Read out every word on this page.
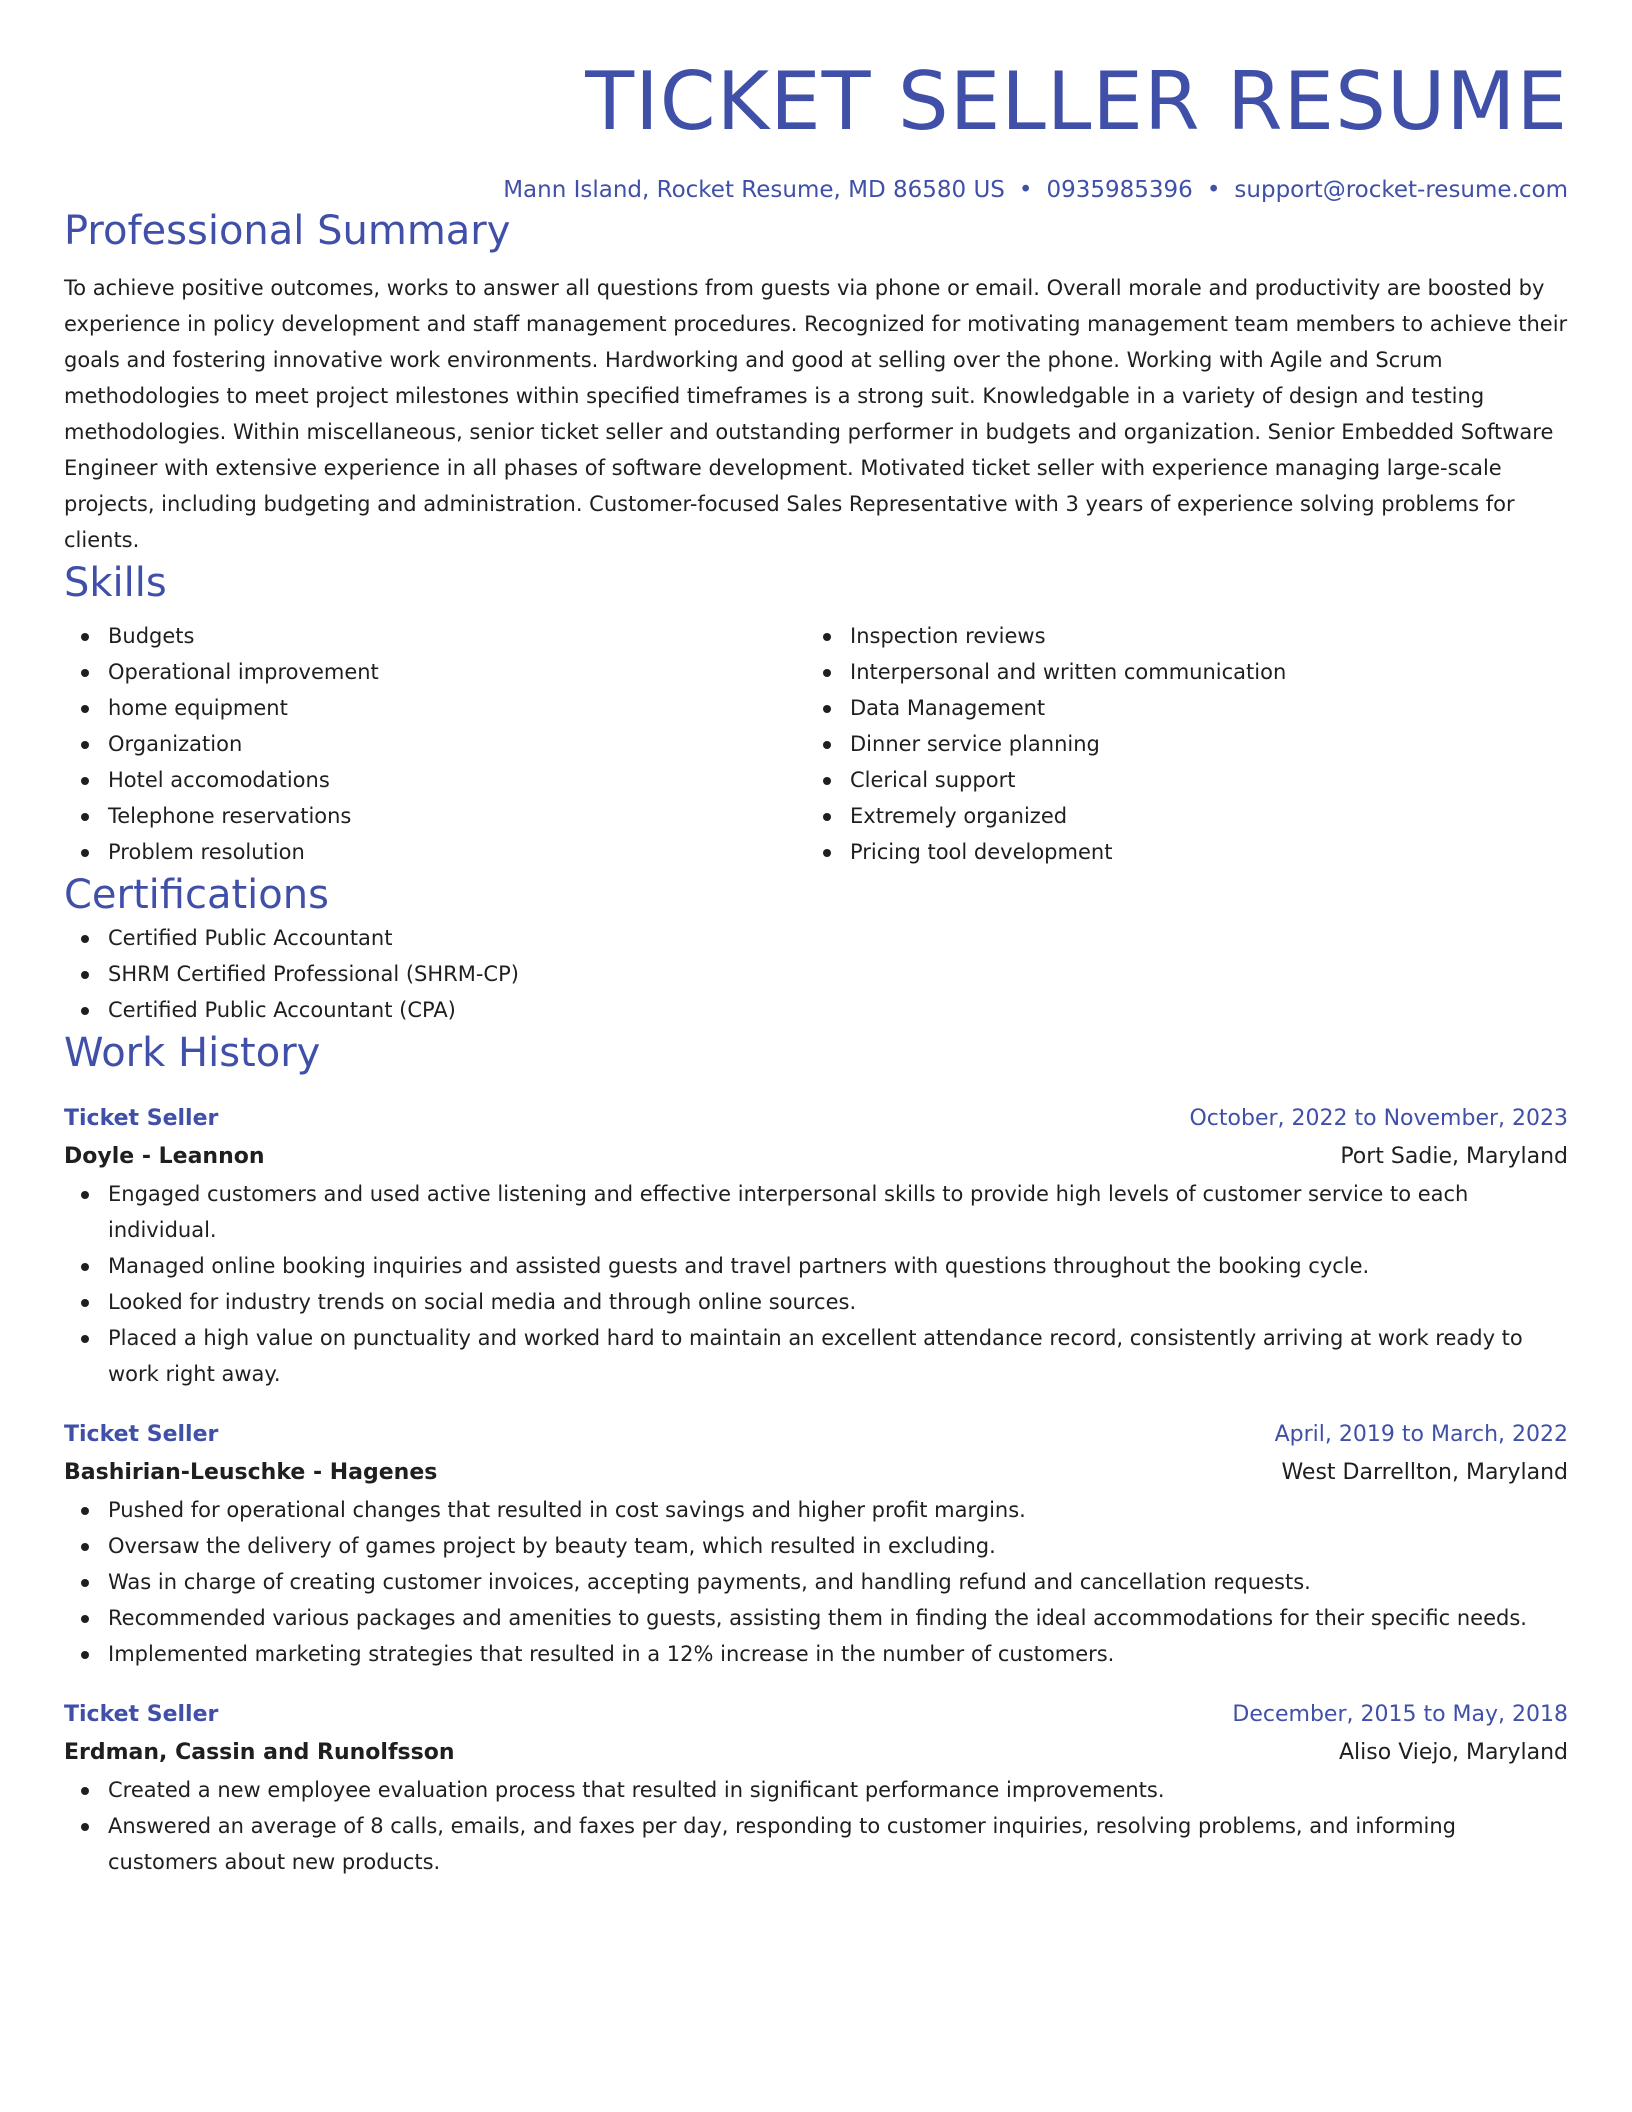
TICKET SELLER RESUME
Mann Island, Rocket Resume, MD 86580 US • 0935985396 • support@rocket-resume.com
Professional Summary

To achieve positive outcomes, works to answer all questions from guests via phone or email. Overall morale and productivity are boosted by experience in policy development and staff management procedures. Recognized for motivating management team members to achieve their goals and fostering innovative work environments. Hardworking and good at selling over the phone. Working with Agile and Scrum methodologies to meet project milestones within specified timeframes is a strong suit. Knowledgable in a variety of design and testing methodologies. Within miscellaneous, senior ticket seller and outstanding performer in budgets and organization. Senior Embedded Software Engineer with extensive experience in all phases of software development. Motivated ticket seller with experience managing large-scale projects, including budgeting and administration. Customer-focused Sales Representative with 3 years of experience solving problems for clients.

Skills
Budgets
Operational improvement
home equipment
Organization
Hotel accomodations
Telephone reservations
Problem resolution
Inspection reviews
Interpersonal and written communication
Data Management
Dinner service planning
Clerical support
Extremely organized
Pricing tool development
Certifications
Certified Public Accountant
SHRM Certified Professional (SHRM-CP)
Certified Public Accountant (CPA)
Work History
Ticket Seller	October, 2022 to November, 2023
Doyle - Leannon	Port Sadie, Maryland
Engaged customers and used active listening and effective interpersonal skills to provide high levels of customer service to each individual.
Managed online booking inquiries and assisted guests and travel partners with questions throughout the booking cycle.
Looked for industry trends on social media and through online sources.
Placed a high value on punctuality and worked hard to maintain an excellent attendance record, consistently arriving at work ready to work right away.
Ticket Seller	April, 2019 to March, 2022
Bashirian-Leuschke - Hagenes	West Darrellton, Maryland
Pushed for operational changes that resulted in cost savings and higher profit margins.
Oversaw the delivery of games project by beauty team, which resulted in excluding.
Was in charge of creating customer invoices, accepting payments, and handling refund and cancellation requests.
Recommended various packages and amenities to guests, assisting them in finding the ideal accommodations for their specific needs.
Implemented marketing strategies that resulted in a 12% increase in the number of customers.
Ticket Seller	December, 2015 to May, 2018
Erdman, Cassin and Runolfsson	Aliso Viejo, Maryland
Created a new employee evaluation process that resulted in significant performance improvements.
Answered an average of 8 calls, emails, and faxes per day, responding to customer inquiries, resolving problems, and informing customers about new products.
